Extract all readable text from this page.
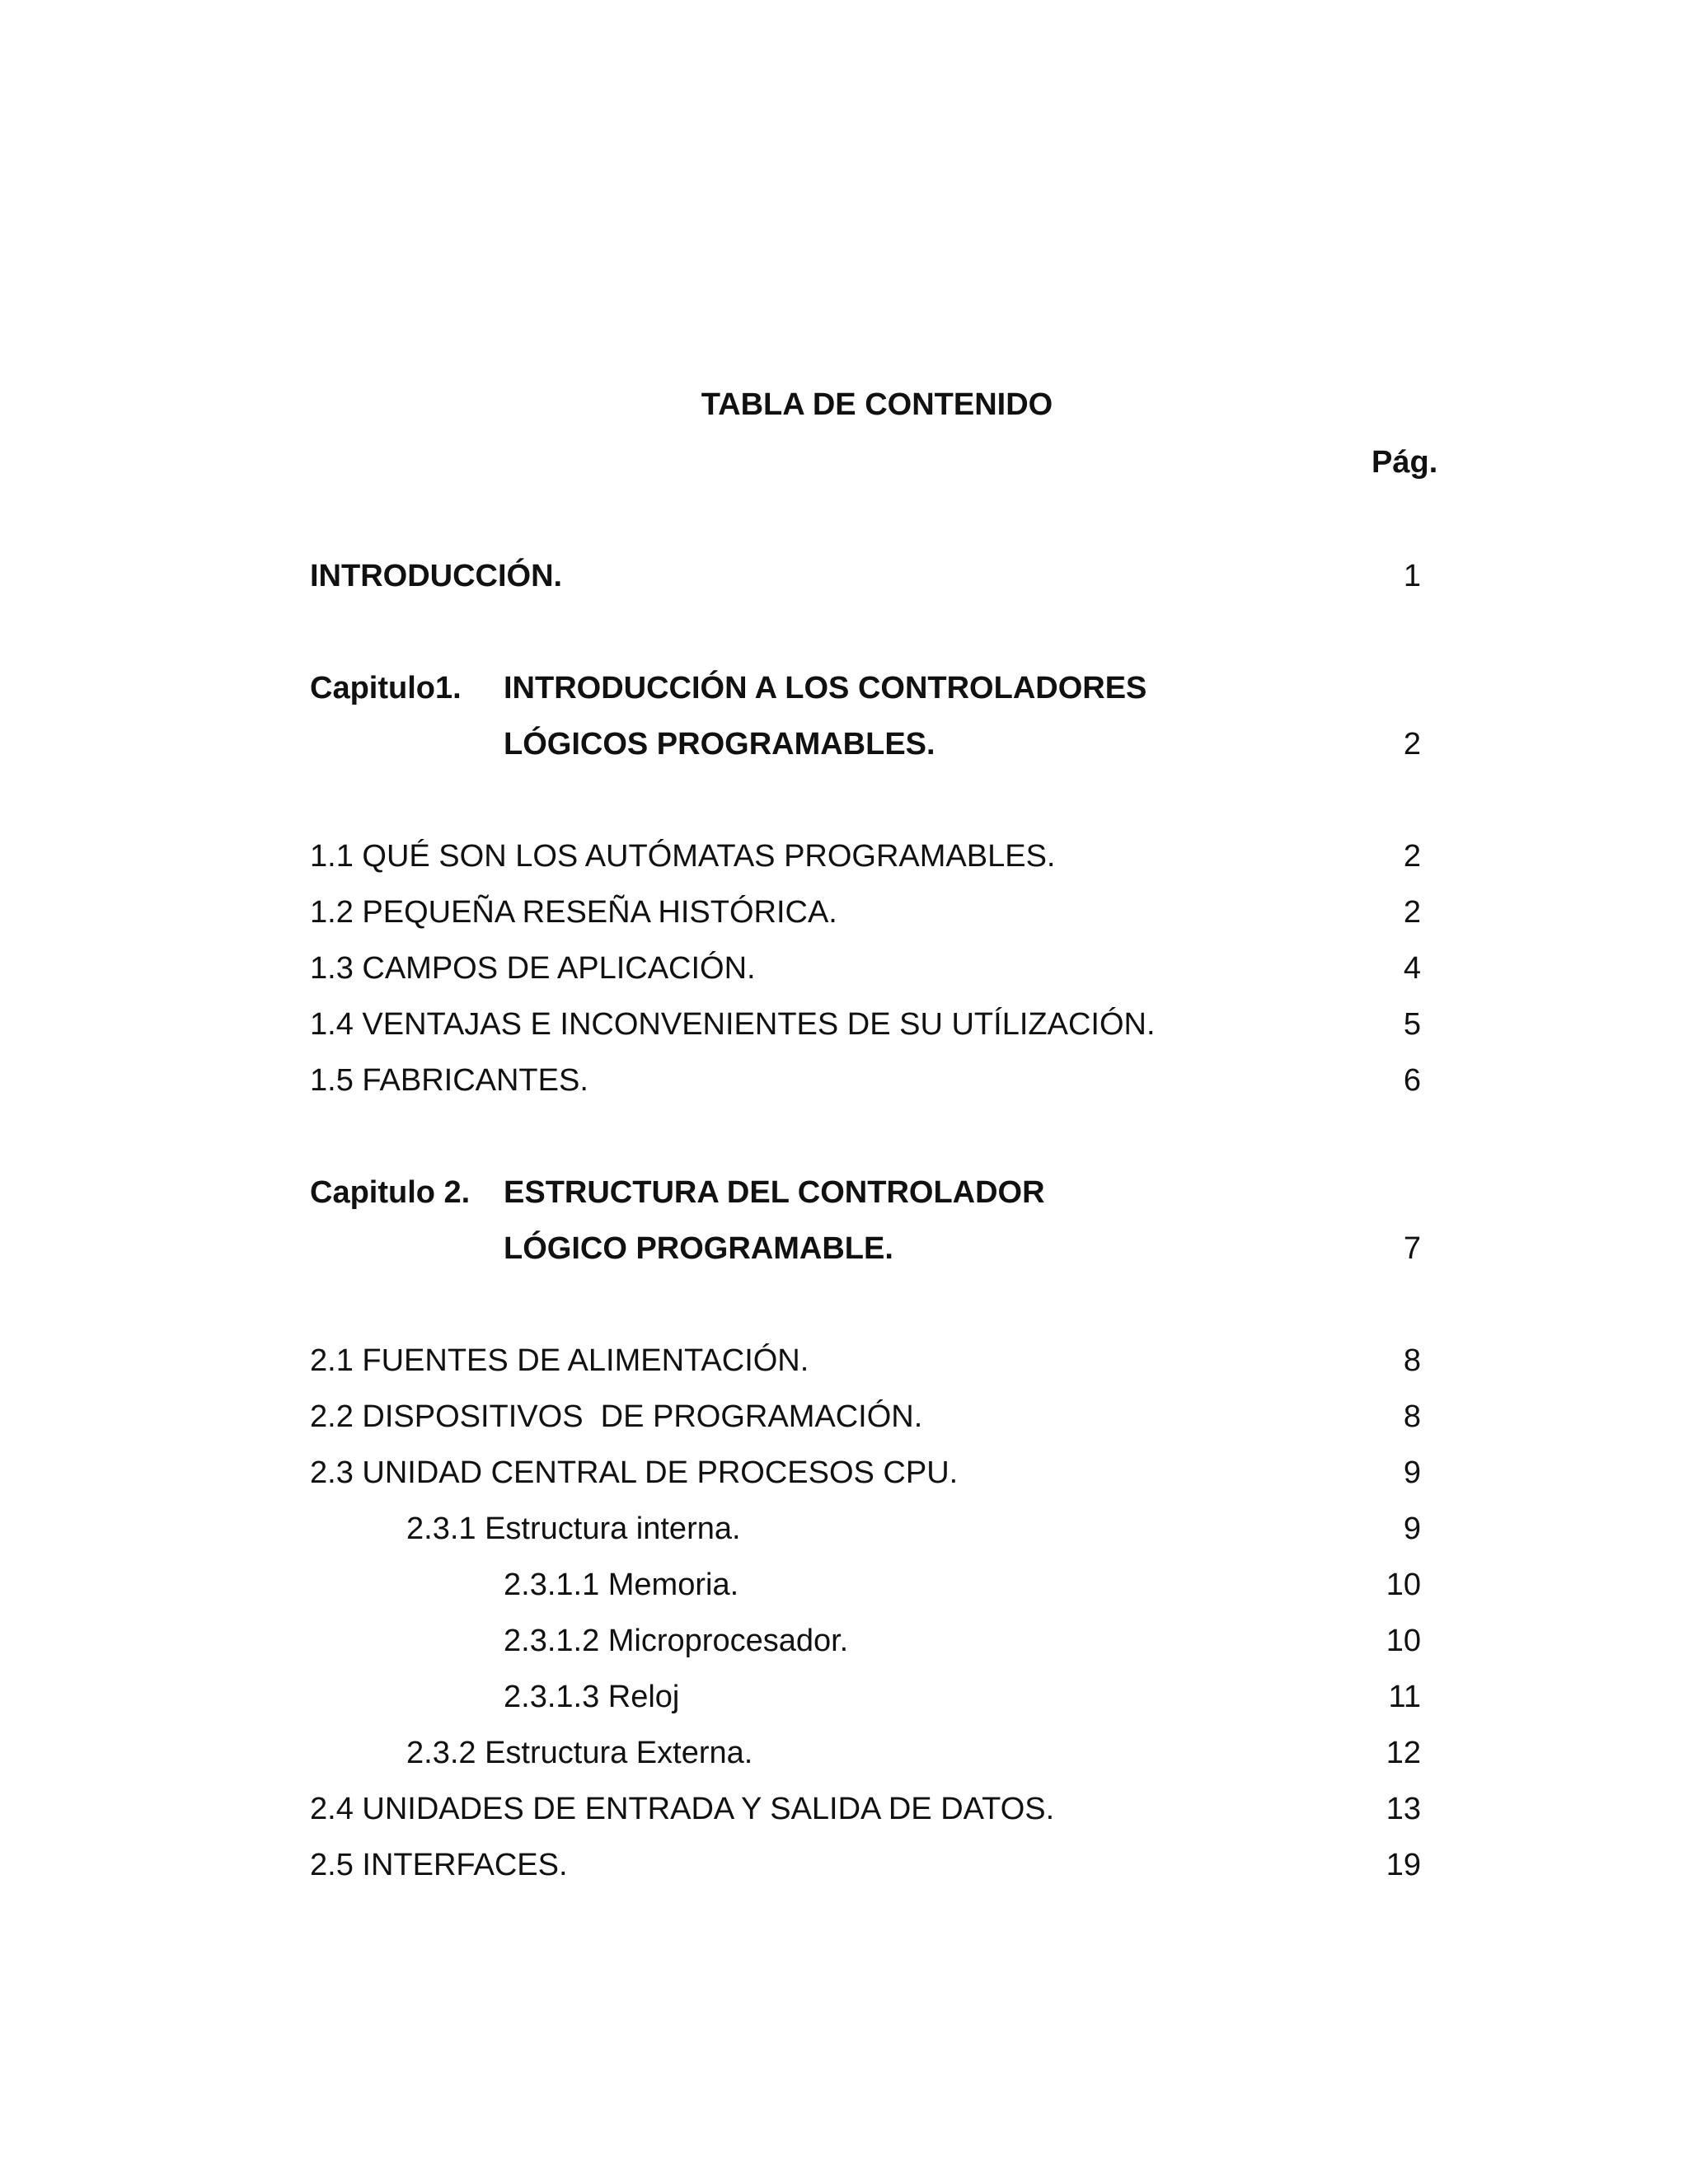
TABLA DE CONTENIDO
Pág.
INTRODUCCIÓN.	1
Capitulo1. INTRODUCCIÓN A LOS CONTROLADORES
LÓGICOS PROGRAMABLES.	2
1.1 QUÉ SON LOS AUTÓMATAS PROGRAMABLES.	2
1.2 PEQUEÑA RESEÑA HISTÓRICA.	2
1.3 CAMPOS DE APLICACIÓN.	4
1.4 VENTAJAS E INCONVENIENTES DE SU UTÍLIZACIÓN.	5
1.5 FABRICANTES.	6
Capitulo 2. ESTRUCTURA DEL CONTROLADOR
LÓGICO PROGRAMABLE.	7
2.1 FUENTES DE ALIMENTACIÓN.	8
2.2 DISPOSITIVOS  DE PROGRAMACIÓN.	8
2.3 UNIDAD CENTRAL DE PROCESOS CPU.	9
2.3.1 Estructura interna.	9
2.3.1.1 Memoria.	10
2.3.1.2 Microprocesador.	10
2.3.1.3 Reloj	11
2.3.2 Estructura Externa.	12
2.4 UNIDADES DE ENTRADA Y SALIDA DE DATOS.	13
2.5 INTERFACES.	19
